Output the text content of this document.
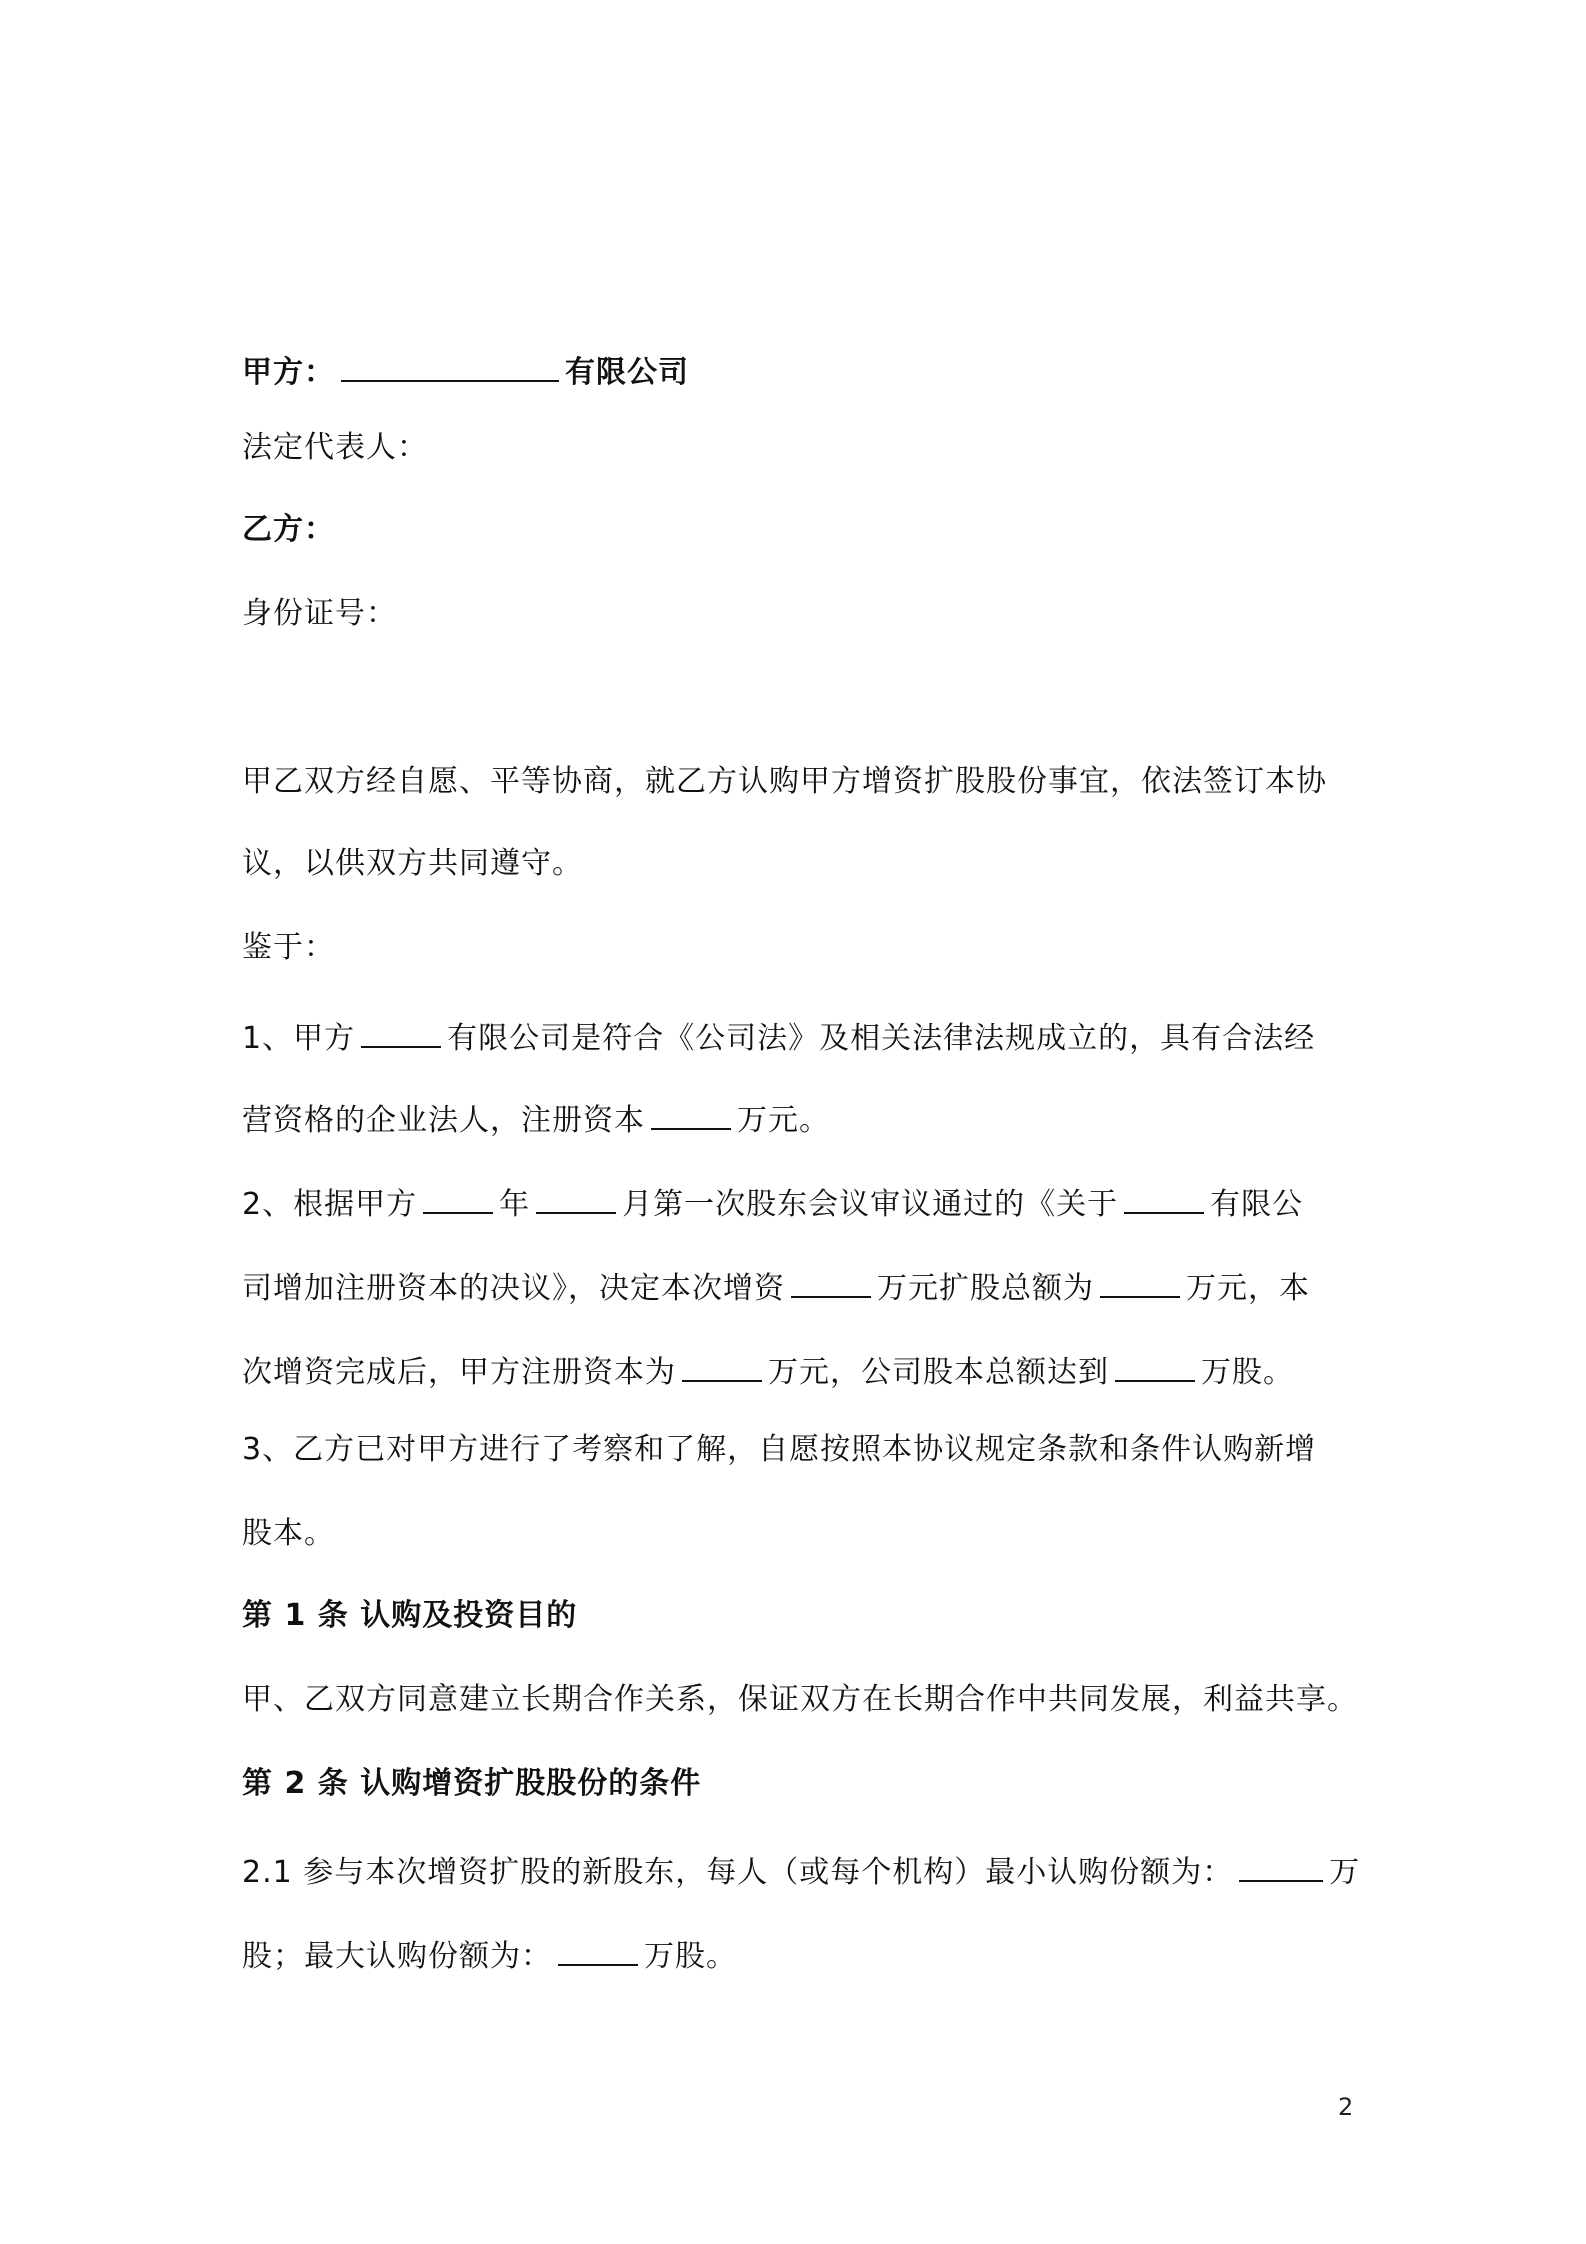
甲方：	有限公司
法定代表人：
乙方：
身份证号：
甲乙双方经自愿、平等协商，就乙方认购甲方增资扩股股份事宜，依法签订本协
议，以供双方共同遵守。
鉴于：
1、甲方	有限公司是符合《公司法》及相关法律法规成立的，具有合法经
营资格的企业法人，注册资本	万元。
2、根据甲方	年	月第一次股东会议审议通过的《关于	有限公
司增加注册资本的决议》，决定本次增资	万元扩股总额为	万元，本
次增资完成后，甲方注册资本为	万元，公司股本总额达到	万股。
3、乙方已对甲方进行了考察和了解，自愿按照本协议规定条款和条件认购新增
股本。
第 1 条 认购及投资目的
甲、乙双方同意建立长期合作关系，保证双方在长期合作中共同发展，利益共享。
第 2 条 认购增资扩股股份的条件
2.1 参与本次增资扩股的新股东，每人（或每个机构）最小认购份额为：	万
股；最大认购份额为：	万股。
2
